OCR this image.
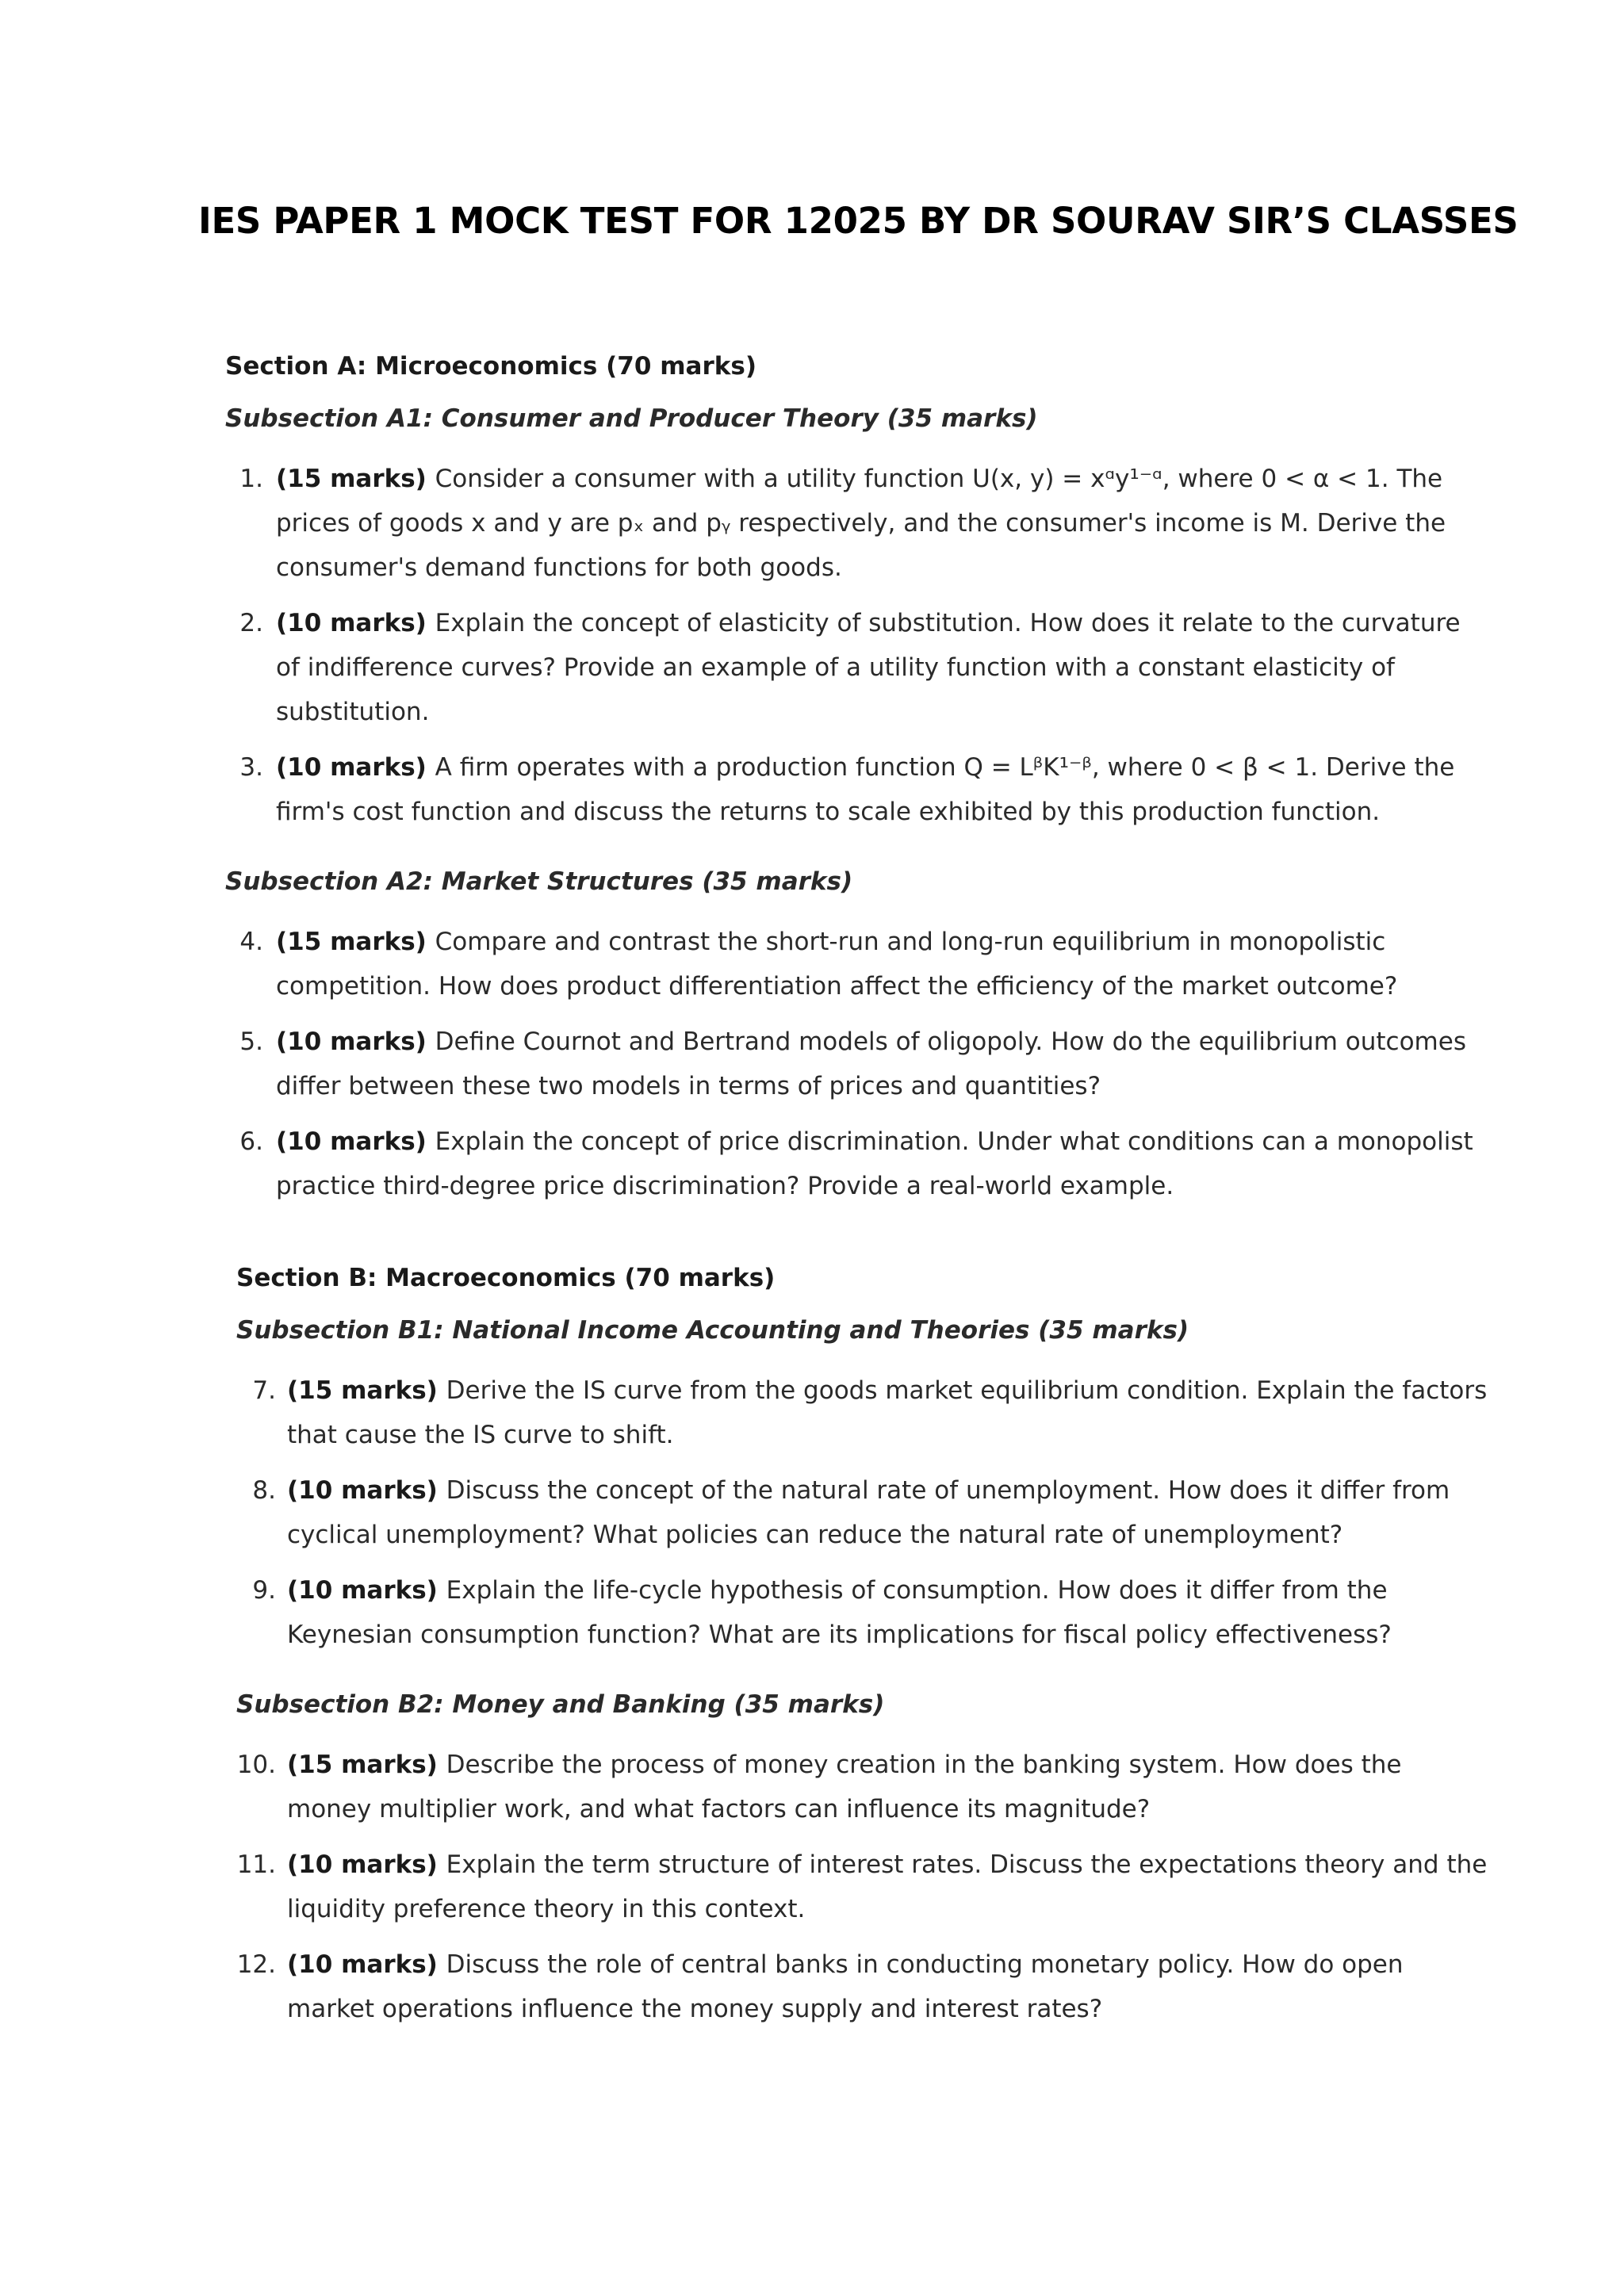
IES PAPER 1 MOCK TEST FOR 12025 BY DR SOURAV SIR’S CLASSES
Section A: Microeconomics (70 marks)
Subsection A1: Consumer and Producer Theory (35 marks)
1. (15 marks) Consider a consumer with a utility function U(x, y) = xᵅy¹⁻ᵅ, where 0 < α < 1. The prices of goods x and y are pₓ and pᵧ respectively, and the consumer's income is M. Derive the consumer's demand functions for both goods.
2. (10 marks) Explain the concept of elasticity of substitution. How does it relate to the curvature of indifference curves? Provide an example of a utility function with a constant elasticity of substitution.
3. (10 marks) A firm operates with a production function Q = LᵝK¹⁻ᵝ, where 0 < β < 1. Derive the firm's cost function and discuss the returns to scale exhibited by this production function.
Subsection A2: Market Structures (35 marks)
4. (15 marks) Compare and contrast the short-run and long-run equilibrium in monopolistic competition. How does product differentiation affect the efficiency of the market outcome?
5. (10 marks) Define Cournot and Bertrand models of oligopoly. How do the equilibrium outcomes differ between these two models in terms of prices and quantities?
6. (10 marks) Explain the concept of price discrimination. Under what conditions can a monopolist practice third-degree price discrimination? Provide a real-world example.
Section B: Macroeconomics (70 marks)
Subsection B1: National Income Accounting and Theories (35 marks)
7. (15 marks) Derive the IS curve from the goods market equilibrium condition. Explain the factors that cause the IS curve to shift.
8. (10 marks) Discuss the concept of the natural rate of unemployment. How does it differ from cyclical unemployment? What policies can reduce the natural rate of unemployment?
9. (10 marks) Explain the life-cycle hypothesis of consumption. How does it differ from the Keynesian consumption function? What are its implications for fiscal policy effectiveness?
Subsection B2: Money and Banking (35 marks)
10. (15 marks) Describe the process of money creation in the banking system. How does the money multiplier work, and what factors can influence its magnitude?
11. (10 marks) Explain the term structure of interest rates. Discuss the expectations theory and the liquidity preference theory in this context.
12. (10 marks) Discuss the role of central banks in conducting monetary policy. How do open market operations influence the money supply and interest rates?
